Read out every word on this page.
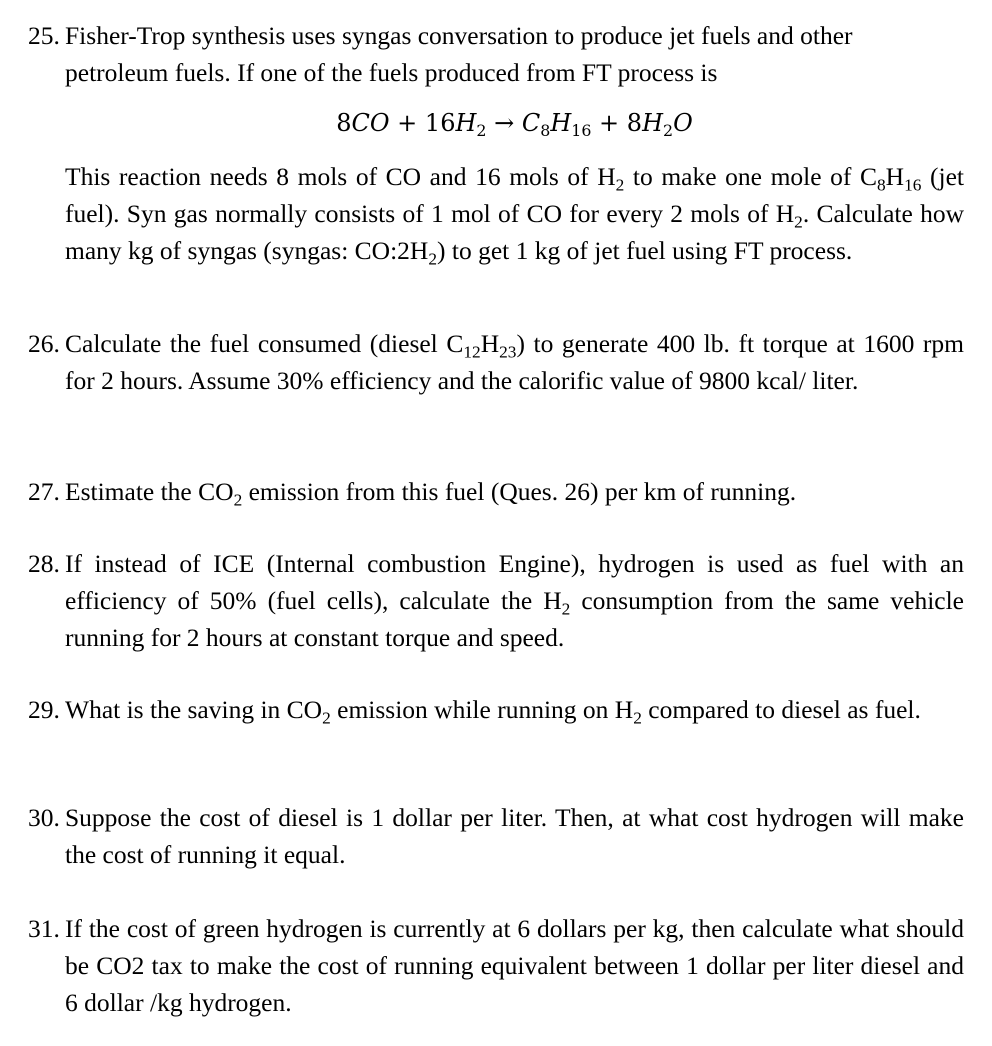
25. Fisher-Trop synthesis uses syngas conversation to produce jet fuels and other

petroleum fuels. If one of the fuels produced from FT process is

$8CO + 16H_2 \to C_8H_{16} + 8H_2O$

This reaction needs 8 mols of CO and 16 mols of $H_2$ to make one mole of $C_8H_{16}$ (jet fuel). Syn gas normally consists of 1 mol of CO for every 2 mols of $H_2$. Calculate how many kg of syngas (syngas: $CO:2H_2$) to get 1 kg of jet fuel using FT process.

26. Calculate the fuel consumed (diesel $C_{12}H_{23}$) to generate 400 lb. ft torque at 1600 rpm for 2 hours. Assume 30% efficiency and the calorific value of 9800 kcal/ liter.

27. Estimate the $CO_2$ emission from this fuel (Ques. 26) per km of running.

28. If instead of ICE (Internal combustion Engine), hydrogen is used as fuel with an efficiency of 50% (fuel cells), calculate the $H_2$ consumption from the same vehicle running for 2 hours at constant torque and speed.

29. What is the saving in $CO_2$ emission while running on $H_2$ compared to diesel as fuel.

30. Suppose the cost of diesel is 1 dollar per liter. Then, at what cost hydrogen will make the cost of running it equal.

31. If the cost of green hydrogen is currently at 6 dollars per kg, then calculate what should be CO2 tax to make the cost of running equivalent between 1 dollar per liter diesel and 6 dollar /kg hydrogen.
